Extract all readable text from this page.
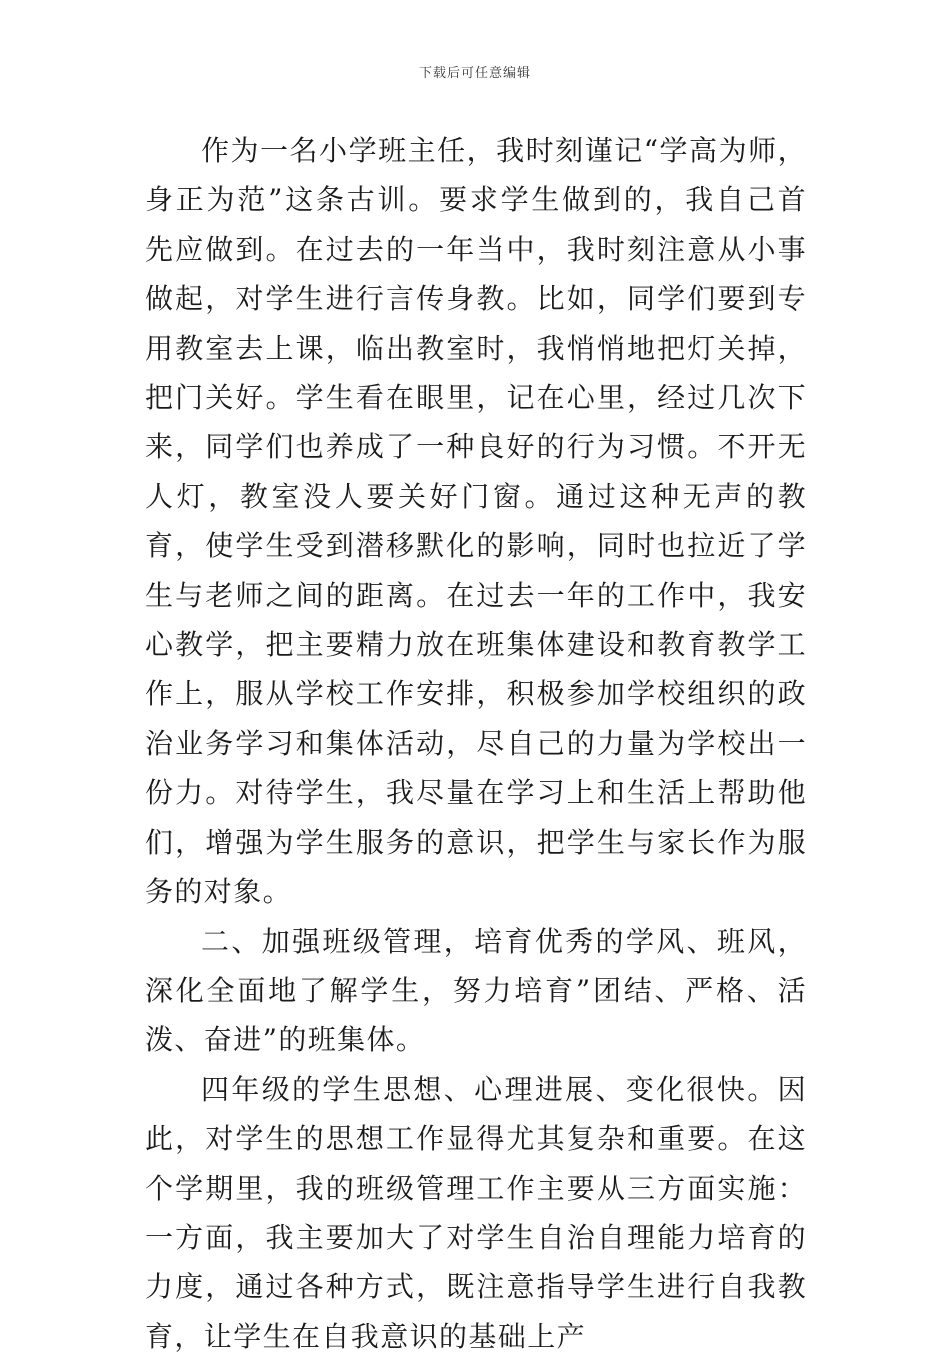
下载后可任意编辑

作为一名小学班主任，我时刻谨记“学高为师，身正为范”这条古训。要求学生做到的，我自己首先应做到。在过去的一年当中，我时刻注意从小事做起，对学生进行言传身教。比如，同学们要到专用教室去上课，临出教室时，我悄悄地把灯关掉，把门关好。学生看在眼里，记在心里，经过几次下来，同学们也养成了一种良好的行为习惯。不开无人灯，教室没人要关好门窗。通过这种无声的教育，使学生受到潜移默化的影响，同时也拉近了学生与老师之间的距离。在过去一年的工作中，我安心教学，把主要精力放在班集体建设和教育教学工作上，服从学校工作安排，积极参加学校组织的政治业务学习和集体活动，尽自己的力量为学校出一份力。对待学生，我尽量在学习上和生活上帮助他们，增强为学生服务的意识，把学生与家长作为服务的对象。

二、加强班级管理，培育优秀的学风、班风，深化全面地了解学生，努力培育”团结、严格、活泼、奋进”的班集体。

四年级的学生思想、心理进展、变化很快。因此，对学生的思想工作显得尤其复杂和重要。在这个学期里，我的班级管理工作主要从三方面实施：一方面，我主要加大了对学生自治自理能力培育的力度，通过各种方式，既注意指导学生进行自我教育，让学生在自我意识的基础上产
